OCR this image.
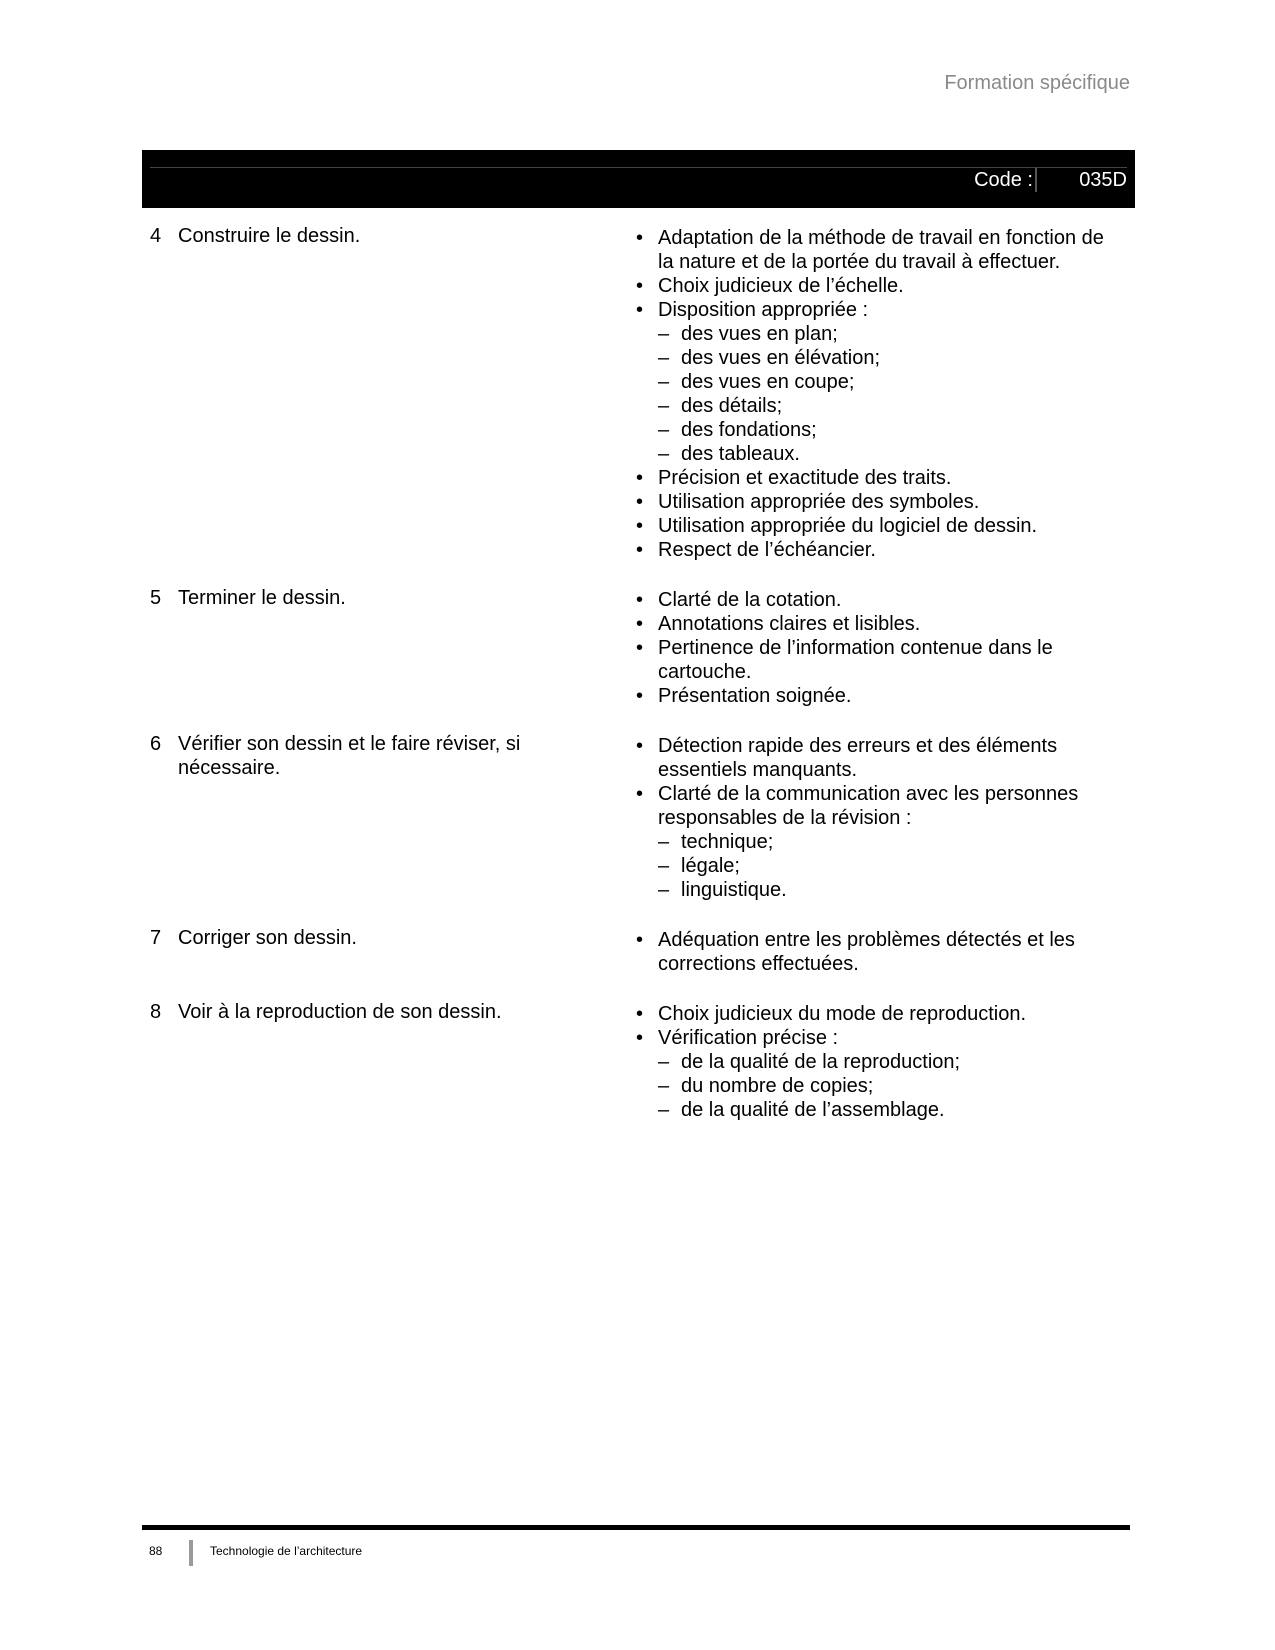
Formation spécifique
Code : 035D
4 Construire le dessin.	• Adaptation de la méthode de travail en fonction de la nature et de la portée du travail à effectuer.
• Choix judicieux de l’échelle.
• Disposition appropriée :
– des vues en plan;
– des vues en élévation;
– des vues en coupe;
– des détails;
– des fondations;
– des tableaux.
• Précision et exactitude des traits.
• Utilisation appropriée des symboles.
• Utilisation appropriée du logiciel de dessin.
• Respect de l’échéancier.
5 Terminer le dessin.	• Clarté de la cotation.
• Annotations claires et lisibles.
• Pertinence de l’information contenue dans le cartouche.
• Présentation soignée.
6 Vérifier son dessin et le faire réviser, si nécessaire.
• Détection rapide des erreurs et des éléments essentiels manquants.
• Clarté de la communication avec les personnes responsables de la révision :
– technique;
– légale;
– linguistique.
7 Corriger son dessin.	• Adéquation entre les problèmes détectés et les corrections effectuées.
8 Voir à la reproduction de son dessin.	• Choix judicieux du mode de reproduction.
• Vérification précise :
– de la qualité de la reproduction;
– du nombre de copies;
– de la qualité de l’assemblage.
88	Technologie de l’architecture
